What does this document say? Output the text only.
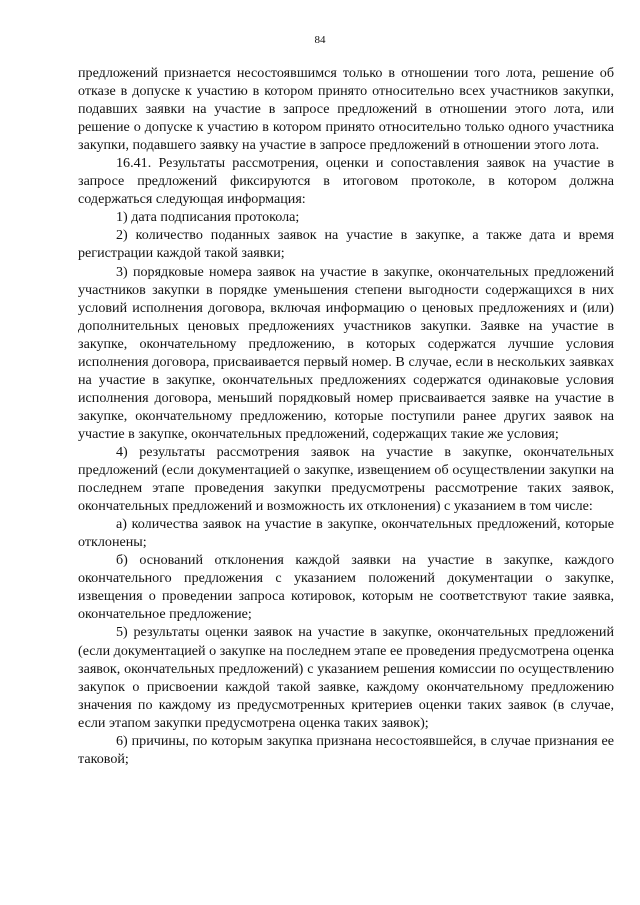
84

предложений признается несостоявшимся только в отношении того лота, решение об отказе в допуске к участию в котором принято относительно всех участников закупки, подавших заявки на участие в запросе предложений в отношении этого лота, или решение о допуске к участию в котором принято относительно только одного участника закупки, подавшего заявку на участие в запросе предложений в отношении этого лота.

16.41. Результаты рассмотрения, оценки и сопоставления заявок на участие в запросе предложений фиксируются в итоговом протоколе, в котором должна содержаться следующая информация:

1) дата подписания протокола;

2) количество поданных заявок на участие в закупке, а также дата и время регистрации каждой такой заявки;

3) порядковые номера заявок на участие в закупке, окончательных предложений участников закупки в порядке уменьшения степени выгодности содержащихся в них условий исполнения договора, включая информацию о ценовых предложениях и (или) дополнительных ценовых предложениях участников закупки. Заявке на участие в закупке, окончательному предложению, в которых содержатся лучшие условия исполнения договора, присваивается первый номер. В случае, если в нескольких заявках на участие в закупке, окончательных предложениях содержатся одинаковые условия исполнения договора, меньший порядковый номер присваивается заявке на участие в закупке, окончательному предложению, которые поступили ранее других заявок на участие в закупке, окончательных предложений, содержащих такие же условия;

4) результаты рассмотрения заявок на участие в закупке, окончательных предложений (если документацией о закупке, извещением об осуществлении закупки на последнем этапе проведения закупки предусмотрены рассмотрение таких заявок, окончательных предложений и возможность их отклонения) с указанием в том числе:

а) количества заявок на участие в закупке, окончательных предложений, которые отклонены;

б) оснований отклонения каждой заявки на участие в закупке, каждого окончательного предложения с указанием положений документации о закупке, извещения о проведении запроса котировок, которым не соответствуют такие заявка, окончательное предложение;

5) результаты оценки заявок на участие в закупке, окончательных предложений (если документацией о закупке на последнем этапе ее проведения предусмотрена оценка заявок, окончательных предложений) с указанием решения комиссии по осуществлению закупок о присвоении каждой такой заявке, каждому окончательному предложению значения по каждому из предусмотренных критериев оценки таких заявок (в случае, если этапом закупки предусмотрена оценка таких заявок);

6) причины, по которым закупка признана несостоявшейся, в случае признания ее таковой;
